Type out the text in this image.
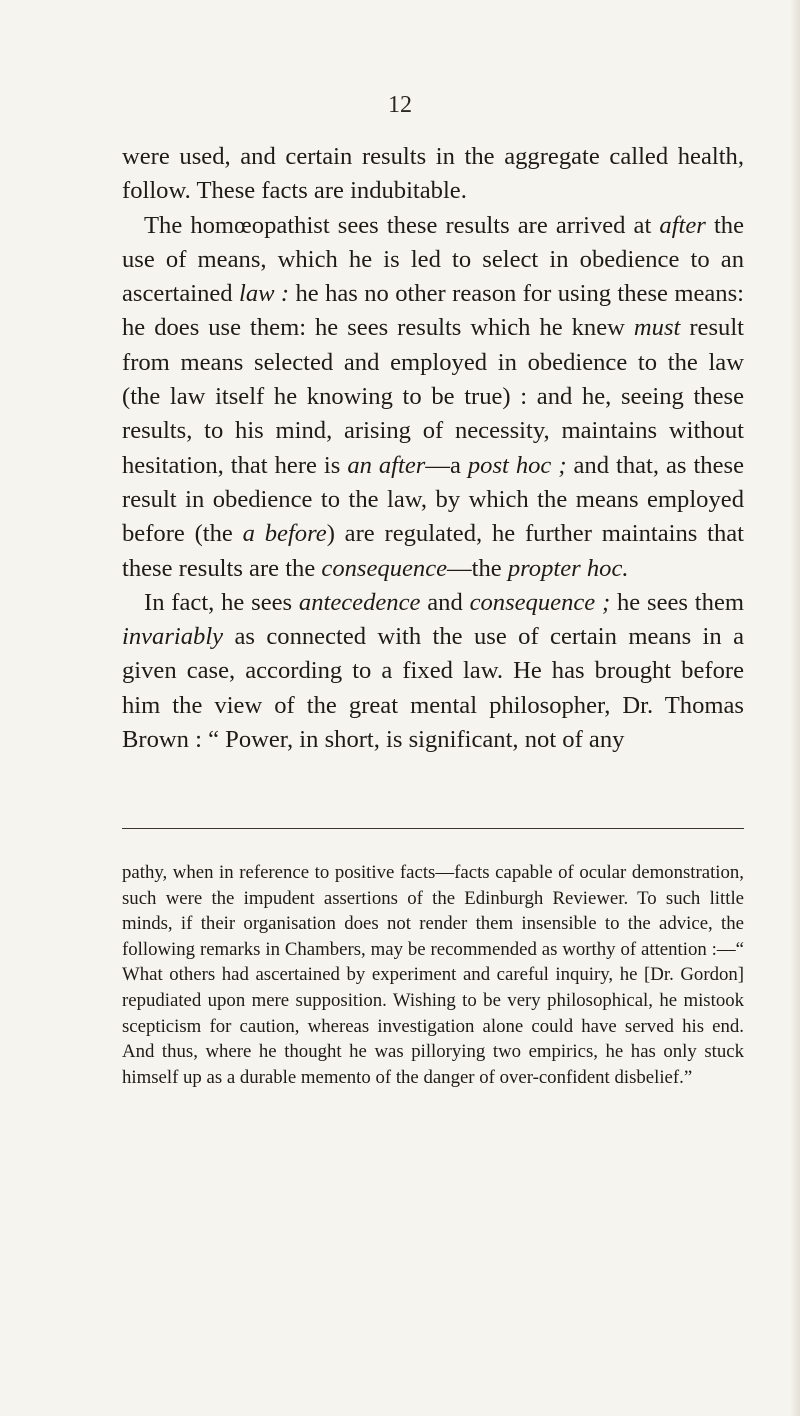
12

were used, and certain results in the aggregate called health, follow. These facts are indubitable.

The homœopathist sees these results are arrived at after the use of means, which he is led to select in obedience to an ascertained law : he has no other reason for using these means: he does use them: he sees results which he knew must result from means selected and employed in obedience to the law (the law itself he knowing to be true) : and he, seeing these results, to his mind, arising of necessity, maintains without hesitation, that here is an after—a post hoc ; and that, as these result in obedience to the law, by which the means employed before (the a before) are regulated, he further maintains that these results are the consequence—the propter hoc.

In fact, he sees antecedence and consequence ; he sees them invariably as connected with the use of certain means in a given case, according to a fixed law. He has brought before him the view of the great mental philosopher, Dr. Thomas Brown : “ Power, in short, is significant, not of any

pathy, when in reference to positive facts—facts capable of ocular demonstration, such were the impudent assertions of the Edinburgh Reviewer. To such little minds, if their organisation does not render them insensible to the advice, the following remarks in Chambers, may be recommended as worthy of attention :—“ What others had ascertained by experiment and careful inquiry, he [Dr. Gordon] repudiated upon mere supposition. Wishing to be very philosophical, he mistook scepticism for caution, whereas investigation alone could have served his end. And thus, where he thought he was pillorying two empirics, he has only stuck himself up as a durable memento of the danger of over-confident disbelief.”
